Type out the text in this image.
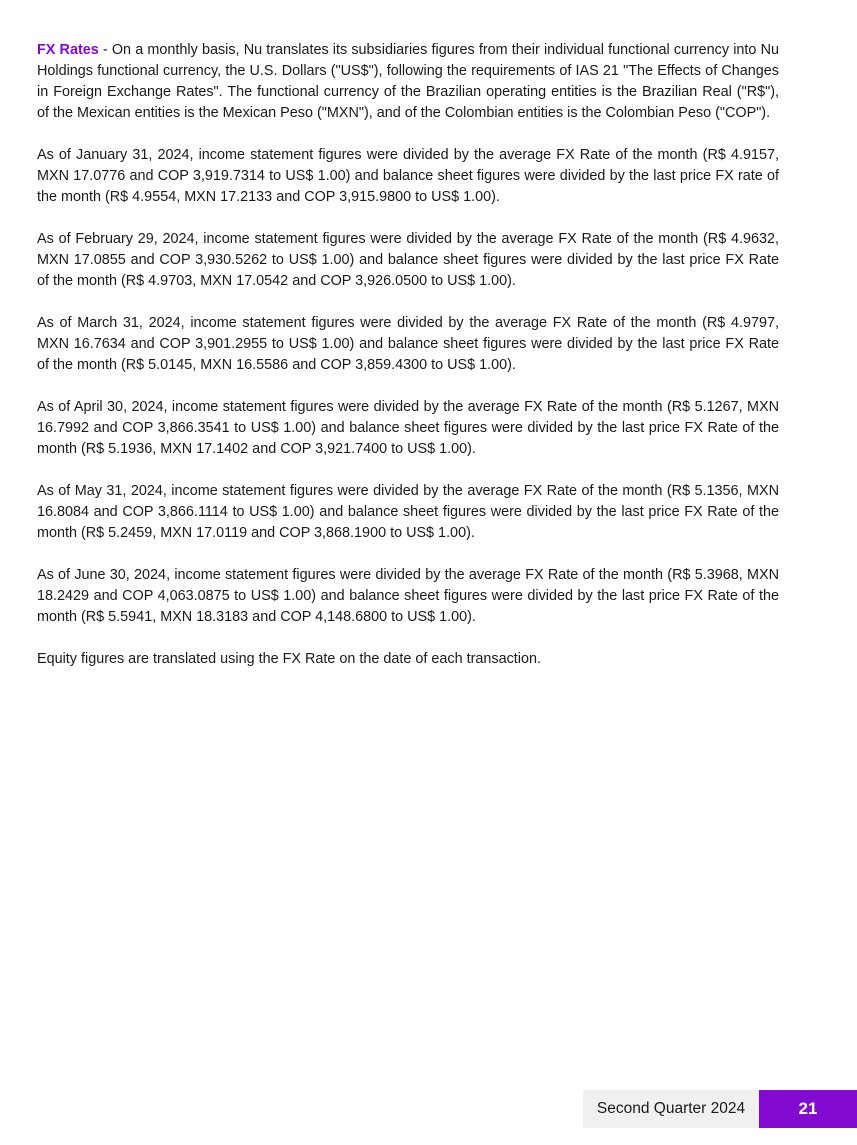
FX Rates - On a monthly basis, Nu translates its subsidiaries figures from their individual functional currency into Nu Holdings functional currency, the U.S. Dollars ("US$"), following the requirements of IAS 21 "The Effects of Changes in Foreign Exchange Rates". The functional currency of the Brazilian operating entities is the Brazilian Real ("R$"), of the Mexican entities is the Mexican Peso ("MXN"), and of the Colombian entities is the Colombian Peso ("COP").

As of January 31, 2024, income statement figures were divided by the average FX Rate of the month (R$ 4.9157, MXN 17.0776 and COP 3,919.7314 to US$ 1.00) and balance sheet figures were divided by the last price FX rate of the month (R$ 4.9554, MXN 17.2133 and COP 3,915.9800 to US$ 1.00).

As of February 29, 2024, income statement figures were divided by the average FX Rate of the month (R$ 4.9632, MXN 17.0855 and COP 3,930.5262 to US$ 1.00) and balance sheet figures were divided by the last price FX Rate of the month (R$ 4.9703, MXN 17.0542 and COP 3,926.0500 to US$ 1.00).

As of March 31, 2024, income statement figures were divided by the average FX Rate of the month (R$ 4.9797, MXN 16.7634 and COP 3,901.2955 to US$ 1.00) and balance sheet figures were divided by the last price FX Rate of the month (R$ 5.0145, MXN 16.5586 and COP 3,859.4300 to US$ 1.00).

As of April 30, 2024, income statement figures were divided by the average FX Rate of the month (R$ 5.1267, MXN 16.7992 and COP 3,866.3541 to US$ 1.00) and balance sheet figures were divided by the last price FX Rate of the month (R$ 5.1936, MXN 17.1402 and COP 3,921.7400 to US$ 1.00).

As of May 31, 2024, income statement figures were divided by the average FX Rate of the month (R$ 5.1356, MXN 16.8084 and COP 3,866.1114 to US$ 1.00) and balance sheet figures were divided by the last price FX Rate of the month (R$ 5.2459, MXN 17.0119 and COP 3,868.1900 to US$ 1.00).

As of June 30, 2024, income statement figures were divided by the average FX Rate of the month (R$ 5.3968, MXN 18.2429 and COP 4,063.0875 to US$ 1.00) and balance sheet figures were divided by the last price FX Rate of the month (R$ 5.5941, MXN 18.3183 and COP 4,148.6800 to US$ 1.00).

Equity figures are translated using the FX Rate on the date of each transaction.

Second Quarter 2024	21
